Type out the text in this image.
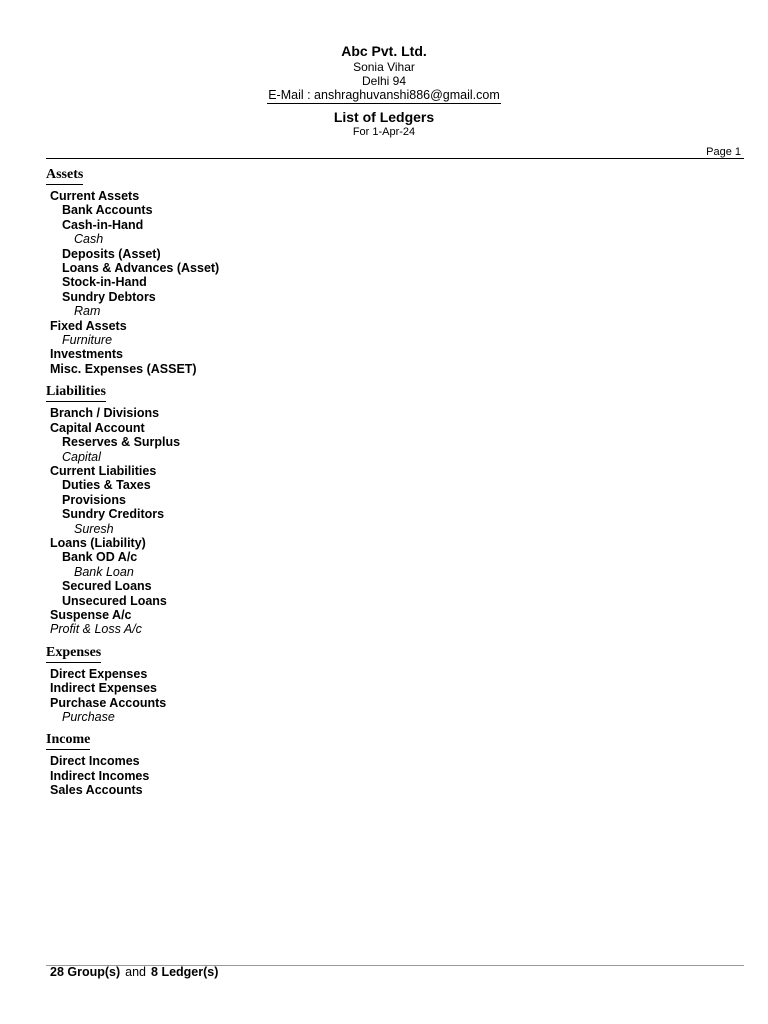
Abc Pvt. Ltd.
Sonia Vihar
Delhi 94
E-Mail : anshraghuvanshi886@gmail.com
List of Ledgers
For 1-Apr-24
Page 1
Assets
Current Assets
Bank Accounts
Cash-in-Hand
Cash
Deposits (Asset)
Loans & Advances (Asset)
Stock-in-Hand
Sundry Debtors
Ram
Fixed Assets
Furniture
Investments
Misc. Expenses (ASSET)
Liabilities
Branch / Divisions
Capital Account
Reserves & Surplus
Capital
Current Liabilities
Duties & Taxes
Provisions
Sundry Creditors
Suresh
Loans (Liability)
Bank OD A/c
Bank Loan
Secured Loans
Unsecured Loans
Suspense A/c
Profit & Loss A/c
Expenses
Direct Expenses
Indirect Expenses
Purchase Accounts
Purchase
Income
Direct Incomes
Indirect Incomes
Sales Accounts
28 Group(s) and 8 Ledger(s)
